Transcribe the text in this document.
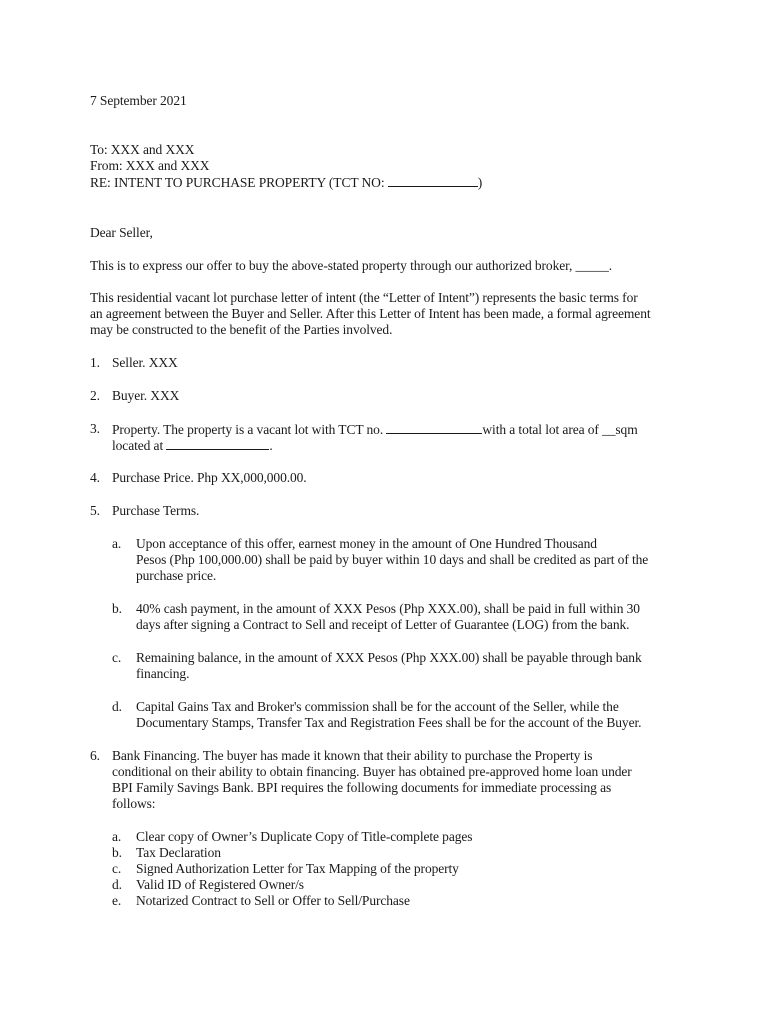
7 September 2021
To: XXX and XXX
From: XXX and XXX
RE: INTENT TO PURCHASE PROPERTY (TCT NO:	)
Dear Seller,
This is to express our offer to buy the above-stated property through our authorized broker, _____.
This residential vacant lot purchase letter of intent (the “Letter of Intent”) represents the basic terms for
an agreement between the Buyer and Seller. After this Letter of Intent has been made, a formal agreement
may be constructed to the benefit of the Parties involved.
1. Seller. XXX
2. Buyer. XXX
3. Property. The property is a vacant lot with TCT no.	with a total lot area of __sqm
located at	.
4. Purchase Price. Php XX,000,000.00.
5. Purchase Terms.
a. Upon acceptance of this offer, earnest money in the amount of One Hundred Thousand
Pesos (Php 100,000.00) shall be paid by buyer within 10 days and shall be credited as part of the
purchase price.
b. 40% cash payment, in the amount of XXX Pesos (Php XXX.00), shall be paid in full within 30
days after signing a Contract to Sell and receipt of Letter of Guarantee (LOG) from the bank.
c. Remaining balance, in the amount of XXX Pesos (Php XXX.00) shall be payable through bank
financing.
d. Capital Gains Tax and Broker's commission shall be for the account of the Seller, while the
Documentary Stamps, Transfer Tax and Registration Fees shall be for the account of the Buyer.
6. Bank Financing. The buyer has made it known that their ability to purchase the Property is
conditional on their ability to obtain financing. Buyer has obtained pre-approved home loan under
BPI Family Savings Bank. BPI requires the following documents for immediate processing as
follows:
a. Clear copy of Owner’s Duplicate Copy of Title-complete pages
b. Tax Declaration
c. Signed Authorization Letter for Tax Mapping of the property
d. Valid ID of Registered Owner/s
e. Notarized Contract to Sell or Offer to Sell/Purchase
